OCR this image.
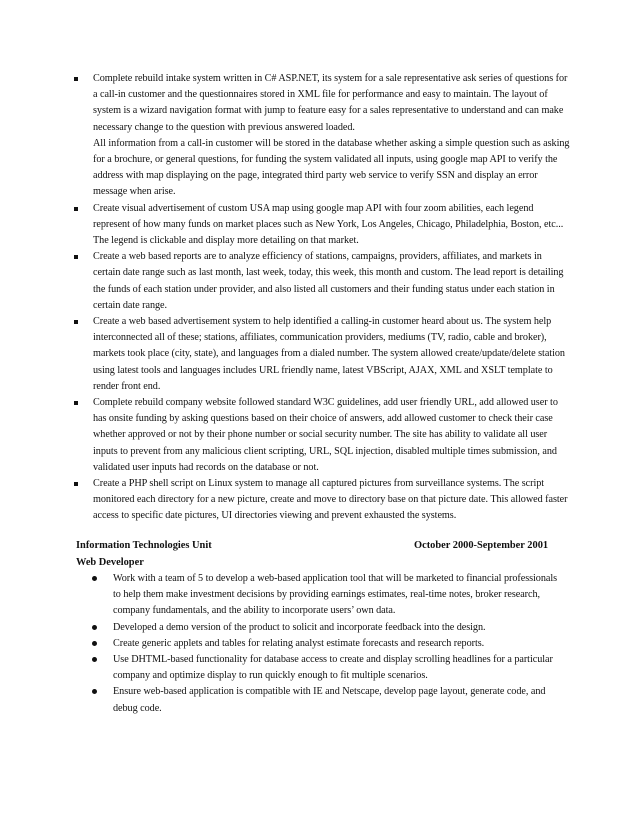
Complete rebuild intake system written in C# ASP.NET, its system for a sale representative ask series of questions for a call-in customer and the questionnaires stored in XML file for performance and easy to maintain. The layout of system is a wizard navigation format with jump to feature easy for a sales representative to understand and can make necessary change to the question with previous answered loaded.
All information from a call-in customer will be stored in the database whether asking a simple question such as asking for a brochure, or general questions, for funding the system validated all inputs, using google map API to verify the address with map displaying on the page, integrated third party web service to verify SSN and display an error message when arise.
Create visual advertisement of custom USA map using google map API with four zoom abilities, each legend represent of how many funds on market places such as New York, Los Angeles, Chicago, Philadelphia, Boston, etc... The legend is clickable and display more detailing on that market.
Create a web based reports are to analyze efficiency of stations, campaigns, providers, affiliates, and markets in certain date range such as last month, last week, today, this week, this month and custom. The lead report is detailing the funds of each station under provider, and also listed all customers and their funding status under each station in certain date range.
Create a web based advertisement system to help identified a calling-in customer heard about us. The system help interconnected all of these; stations, affiliates, communication providers, mediums (TV, radio, cable and broker), markets took place (city, state), and languages from a dialed number. The system allowed create/update/delete station using latest tools and languages includes URL friendly name, latest VBScript, AJAX, XML and XSLT template to render front end.
Complete rebuild company website followed standard W3C guidelines, add user friendly URL, add allowed user to has onsite funding by asking questions based on their choice of answers, add allowed customer to check their case whether approved or not by their phone number or social security number. The site has ability to validate all user inputs to prevent from any malicious client scripting, URL, SQL injection, disabled multiple times submission, and validated user inputs had records on the database or not.
Create a PHP shell script on Linux system to manage all captured pictures from surveillance systems. The script monitored each directory for a new picture, create and move to directory base on that picture date. This allowed faster access to specific date pictures, UI directories viewing and prevent exhausted the systems.
Information Technologies Unit	October 2000-September 2001
Web Developer
Work with a team of 5 to develop a web-based application tool that will be marketed to financial professionals to help them make investment decisions by providing earnings estimates, real-time notes, broker research, company fundamentals, and the ability to incorporate users’ own data.
Developed a demo version of the product to solicit and incorporate feedback into the design.
Create generic applets and tables for relating analyst estimate forecasts and research reports.
Use DHTML-based functionality for database access to create and display scrolling headlines for a particular company and optimize display to run quickly enough to fit multiple scenarios.
Ensure web-based application is compatible with IE and Netscape, develop page layout, generate code, and debug code.
